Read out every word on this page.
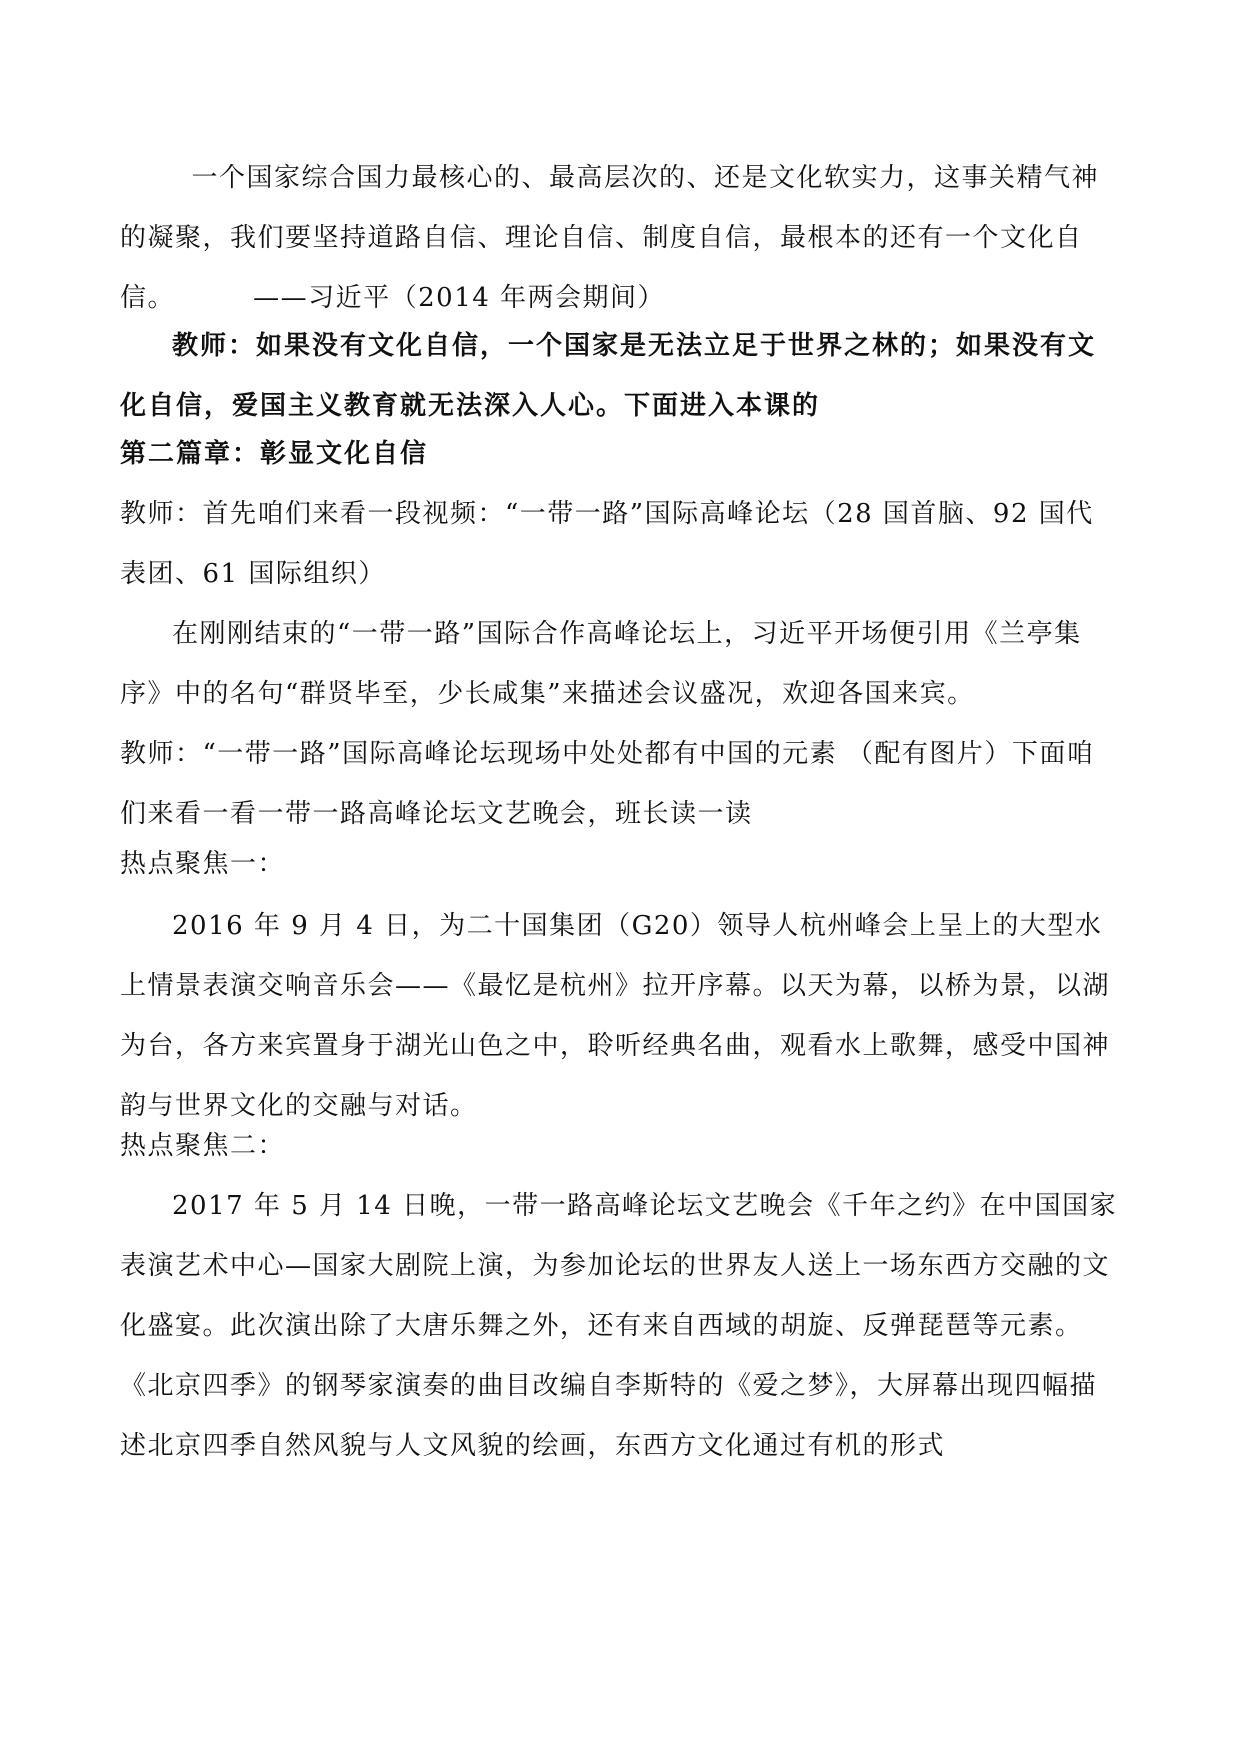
一个国家综合国力最核心的、最高层次的、还是文化软实力，这事关精气神的凝聚，我们要坚持道路自信、理论自信、制度自信，最根本的还有一个文化自信。        ——习近平（2014 年两会期间）

教师：如果没有文化自信，一个国家是无法立足于世界之林的；如果没有文化自信，爱国主义教育就无法深入人心。下面进入本课的

第二篇章：彰显文化自信

教师：首先咱们来看一段视频：“一带一路”国际高峰论坛（28 国首脑、92 国代表团、61 国际组织）

在刚刚结束的“一带一路”国际合作高峰论坛上，习近平开场便引用《兰亭集序》中的名句“群贤毕至，少长咸集”来描述会议盛况，欢迎各国来宾。

教师：“一带一路”国际高峰论坛现场中处处都有中国的元素 （配有图片）下面咱们来看一看一带一路高峰论坛文艺晚会，班长读一读

热点聚焦一：

2016 年 9 月 4 日，为二十国集团（G20）领导人杭州峰会上呈上的大型水上情景表演交响音乐会——《最忆是杭州》拉开序幕。以天为幕，以桥为景，以湖为台，各方来宾置身于湖光山色之中，聆听经典名曲，观看水上歌舞，感受中国神韵与世界文化的交融与对话。

热点聚焦二：

2017 年 5 月 14 日晚，一带一路高峰论坛文艺晚会《千年之约》在中国国家表演艺术中心—国家大剧院上演，为参加论坛的世界友人送上一场东西方交融的文化盛宴。此次演出除了大唐乐舞之外，还有来自西域的胡旋、反弹琵琶等元素。《北京四季》的钢琴家演奏的曲目改编自李斯特的《爱之梦》，大屏幕出现四幅描述北京四季自然风貌与人文风貌的绘画，东西方文化通过有机的形式
